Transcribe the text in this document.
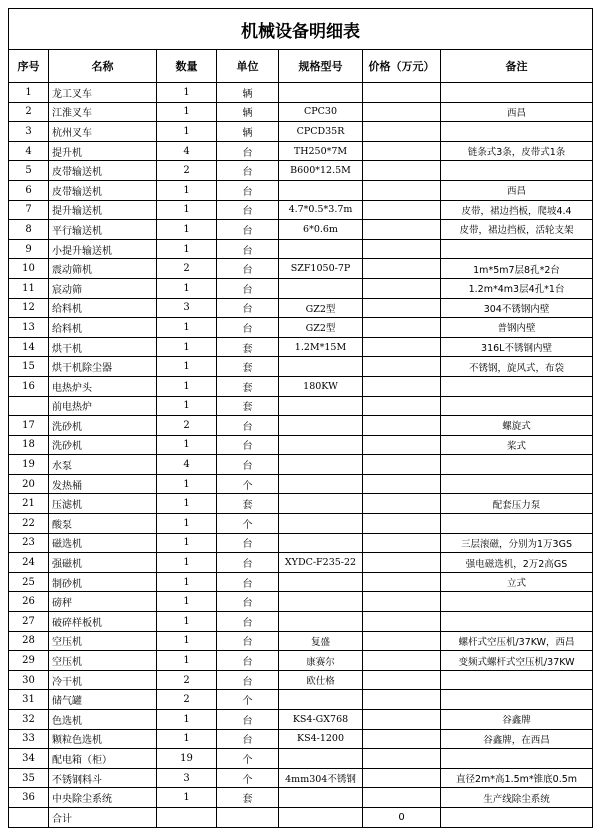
机械设备明细表						
序号	名称	数量	单位	规格型号	价格（万元）	备注
1	龙工叉车	1	辆			
2	江淮叉车	1	辆	CPC30		西昌
3	杭州叉车	1	辆	CPCD35R		
4	提升机	4	台	TH250*7M		链条式3条，皮带式1条
5	皮带输送机	2	台	B600*12.5M		
6	皮带输送机	1	台			西昌
7	提升输送机	1	台	4.7*0.5*3.7m		皮带，裙边挡板，爬坡4.4
8	平行输送机	1	台	6*0.6m		皮带，裙边挡板，活轮支架
9	小提升输送机	1	台			
10	震动筛机	2	台	SZF1050-7P		1m*5m7层8孔*2台
11	宸动筛	1	台			1.2m*4m3层4孔*1台
12	给料机	3	台	GZ2型		304不锈钢内壁
13	给料机	1	台	GZ2型		普钢内壁
14	烘干机	1	套	1.2M*15M		316L不锈钢内壁
15	烘干机除尘器	1	套			不锈钢，旋风式，布袋
16	电热炉头	1	套	180KW		
	前电热炉	1	套			
17	洗砂机	2	台			螺旋式
18	洗砂机	1	台			桨式
19	水泵	4	台			
20	发热桶	1	个			
21	压滤机	1	套			配套压力泵
22	酸泵	1	个			
23	磁选机	1	台			三层滚磁，分别为1万3GS
24	强磁机	1	台	XYDC-F235-22		强电磁选机，2万2高GS
25	制砂机	1	台			立式
26	磅秤	1	台			
27	破碎样板机	1	台			
28	空压机	1	台	复盛		螺杆式空压机/37KW，西昌
29	空压机	1	台	康赛尔		变频式螺杆式空压机/37KW
30	冷干机	2	台	欧仕格		
31	储气罐	2	个			
32	色选机	1	台	KS4-GX768		谷鑫牌
33	颗粒色选机	1	台	KS4-1200		谷鑫牌，在西昌
34	配电箱（柜）	19	个			
35	不锈钢料斗	3	个	4mm304不锈钢		直径2m*高1.5m*锥底0.5m
36	中央除尘系统	1	套			生产线除尘系统
	合计				0	
